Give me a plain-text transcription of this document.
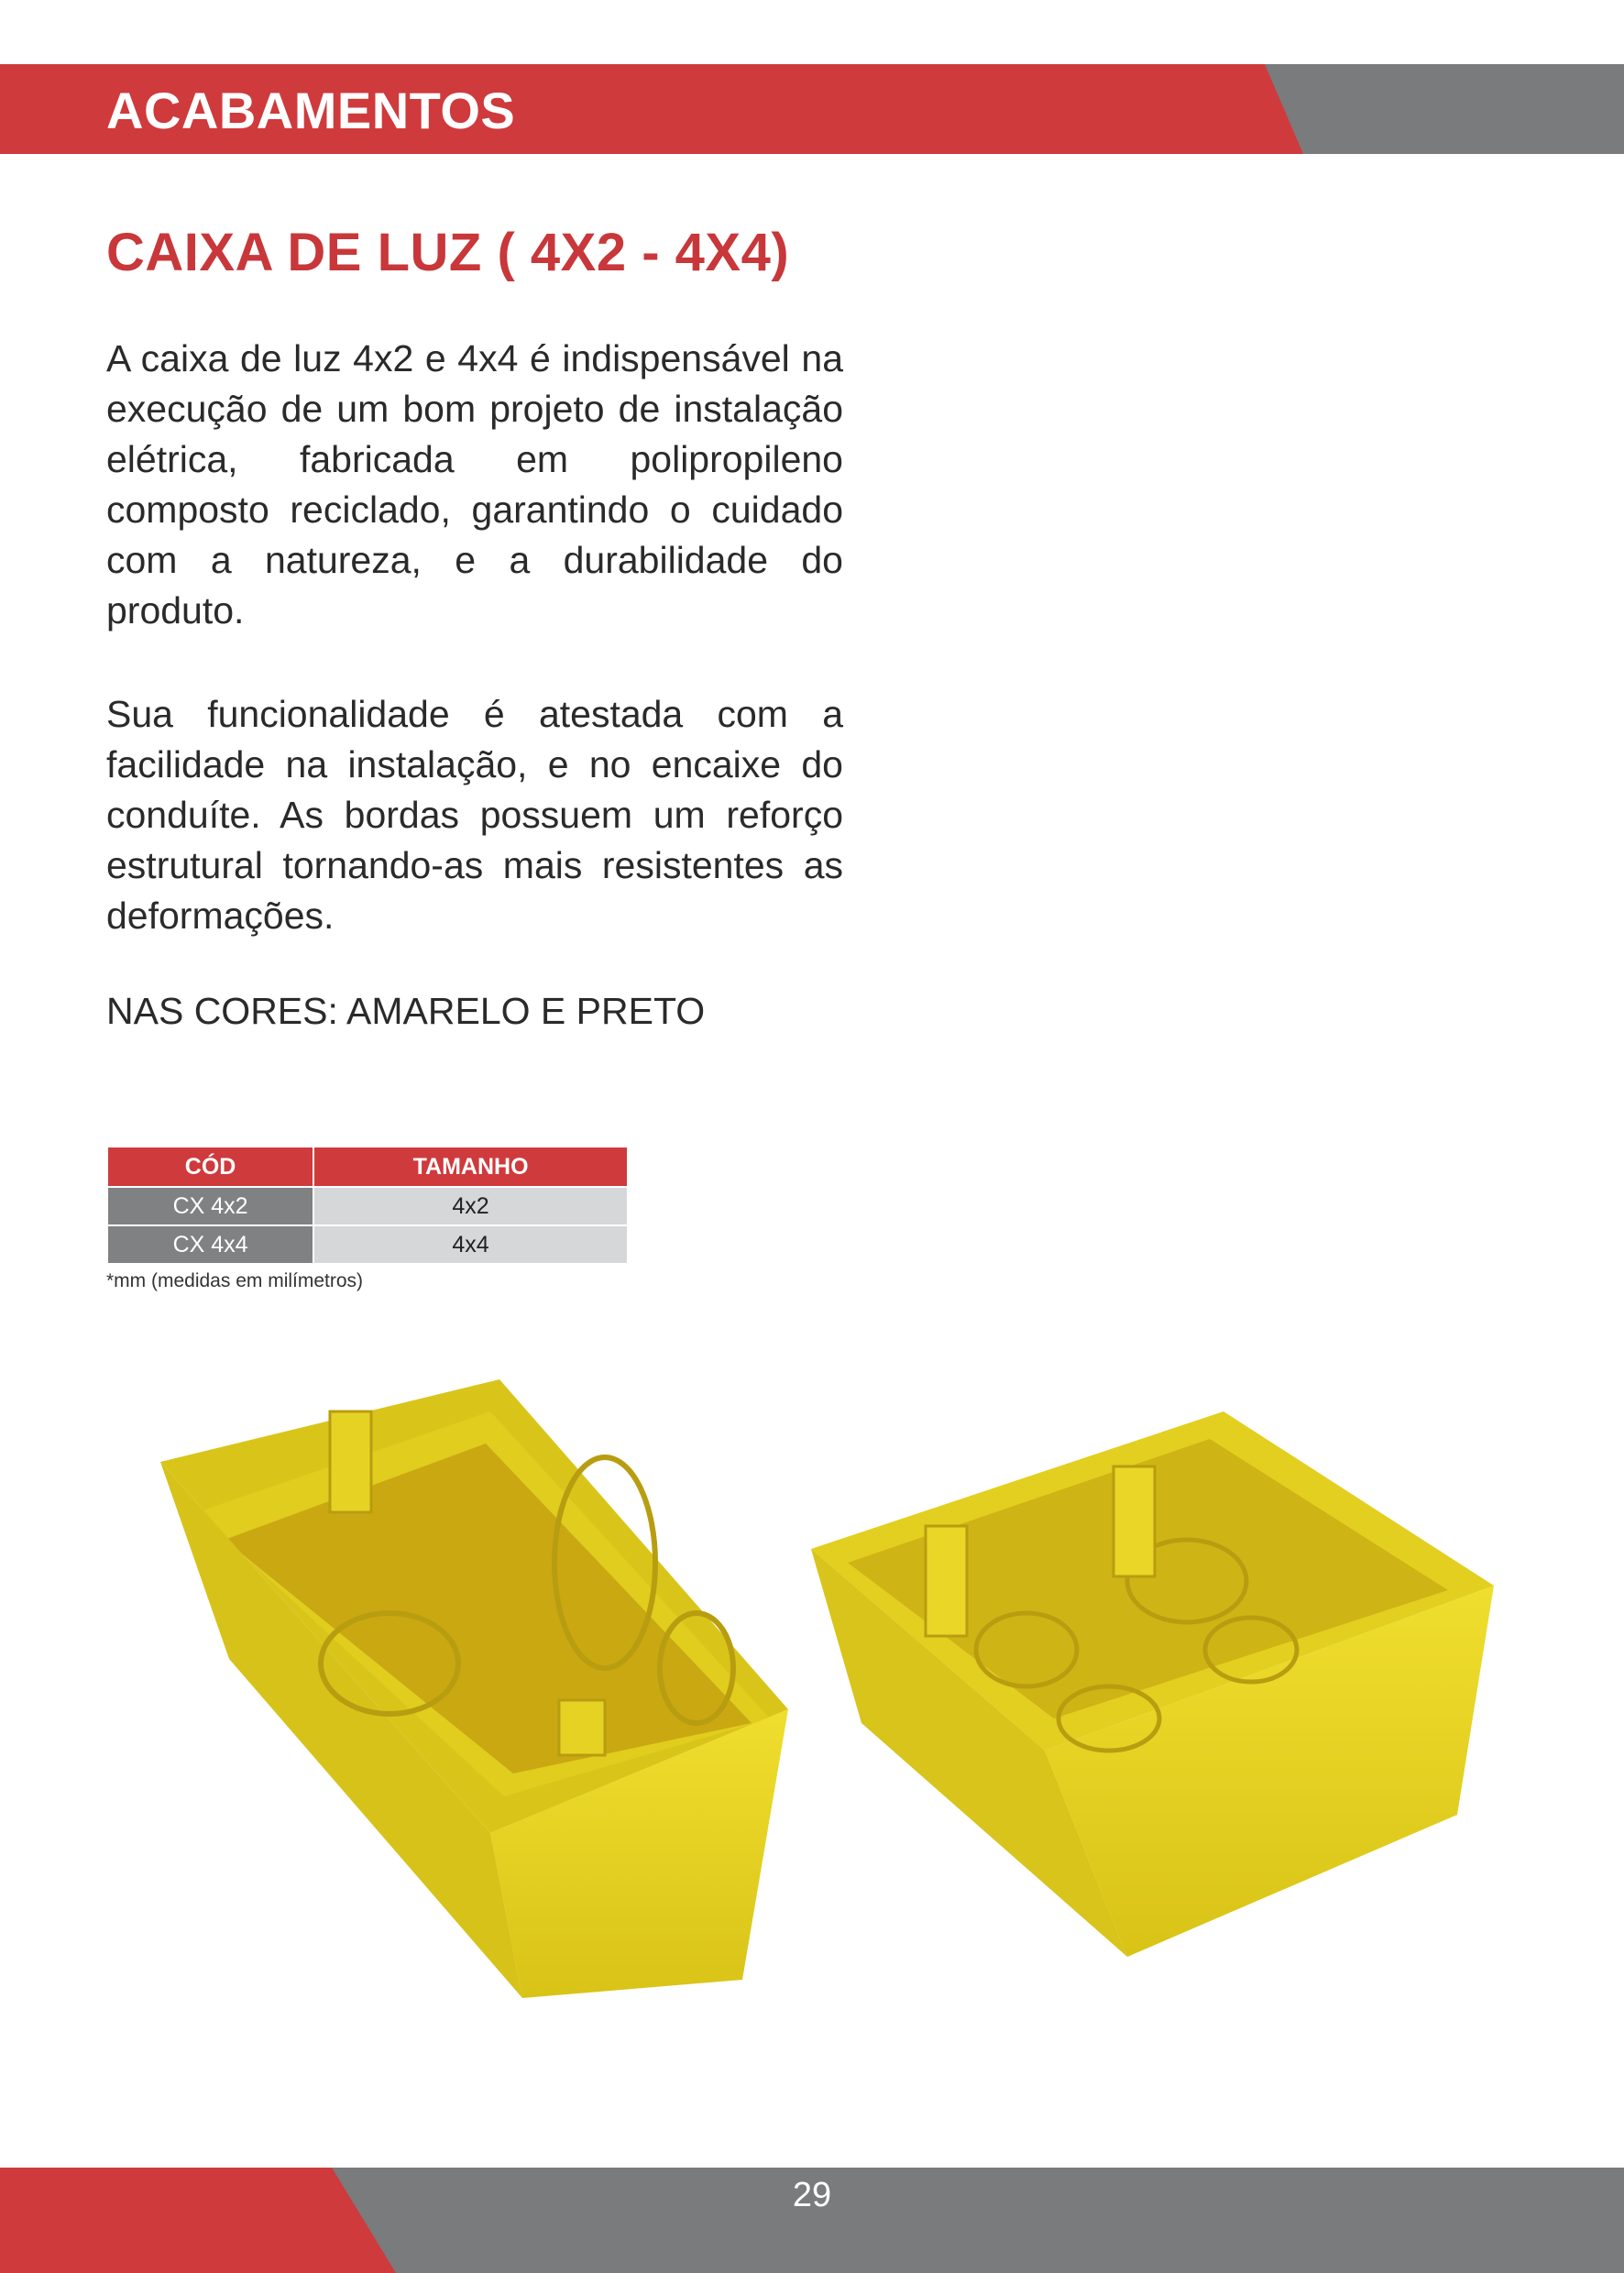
ACABAMENTOS
CAIXA DE LUZ ( 4X2 - 4X4)

A caixa de luz 4x2 e 4x4 é indispensável na execução de um bom projeto de instalação elétrica, fabricada em polipropileno composto reciclado, garantindo o cuidado com a natureza, e a durabilidade do produto.

Sua funcionalidade é atestada com a facilidade na instalação, e no encaixe do conduíte. As bordas possuem um reforço estrutural tornando-as mais resistentes as deformações.

NAS CORES: AMARELO E PRETO

CÓD	TAMANHO
CX 4x2	4x2
CX 4x4	4x4

*mm (medidas em milímetros)

29
